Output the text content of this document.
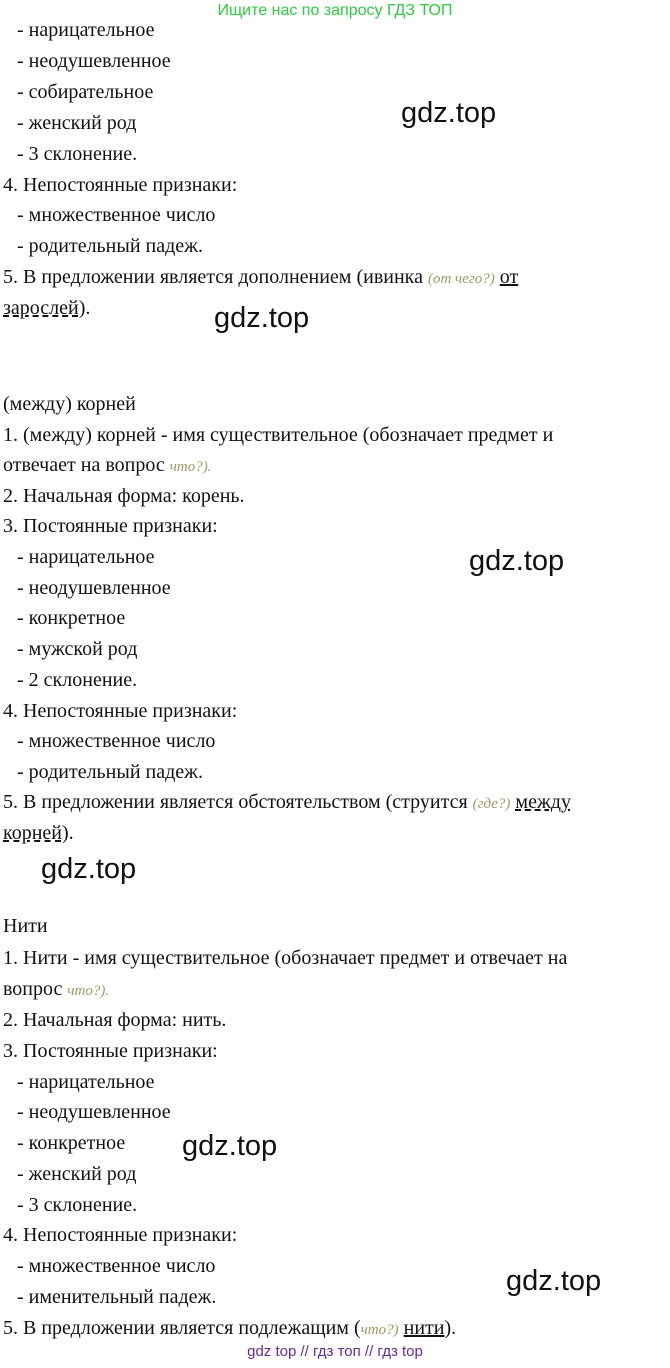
Ищите нас по запросу ГДЗ ТОП
- нарицательное
- неодушевленное
- собирательное
- женский род
- 3 склонение.
4. Непостоянные признаки:
- множественное число
- родительный падеж.
5. В предложении является дополнением (ивинка (от чего?) от
зарослей).
(между) корней
1. (между) корней - имя существительное (обозначает предмет и
отвечает на вопрос что?).
2. Начальная форма: корень.
3. Постоянные признаки:
- нарицательное
- неодушевленное
- конкретное
- мужской род
- 2 склонение.
4. Непостоянные признаки:
- множественное число
- родительный падеж.
5. В предложении является обстоятельством (струится (где?) между
корней).
Нити
1. Нити - имя существительное (обозначает предмет и отвечает на
вопрос что?).
2. Начальная форма: нить.
3. Постоянные признаки:
- нарицательное
- неодушевленное
- конкретное
- женский род
- 3 склонение.
4. Непостоянные признаки:
- множественное число
- именительный падеж.
5. В предложении является подлежащим (что?) нити).
gdz.top
gdz.top
gdz.top
gdz.top
gdz.top
gdz.top
gdz top // гдз топ // гдз top
